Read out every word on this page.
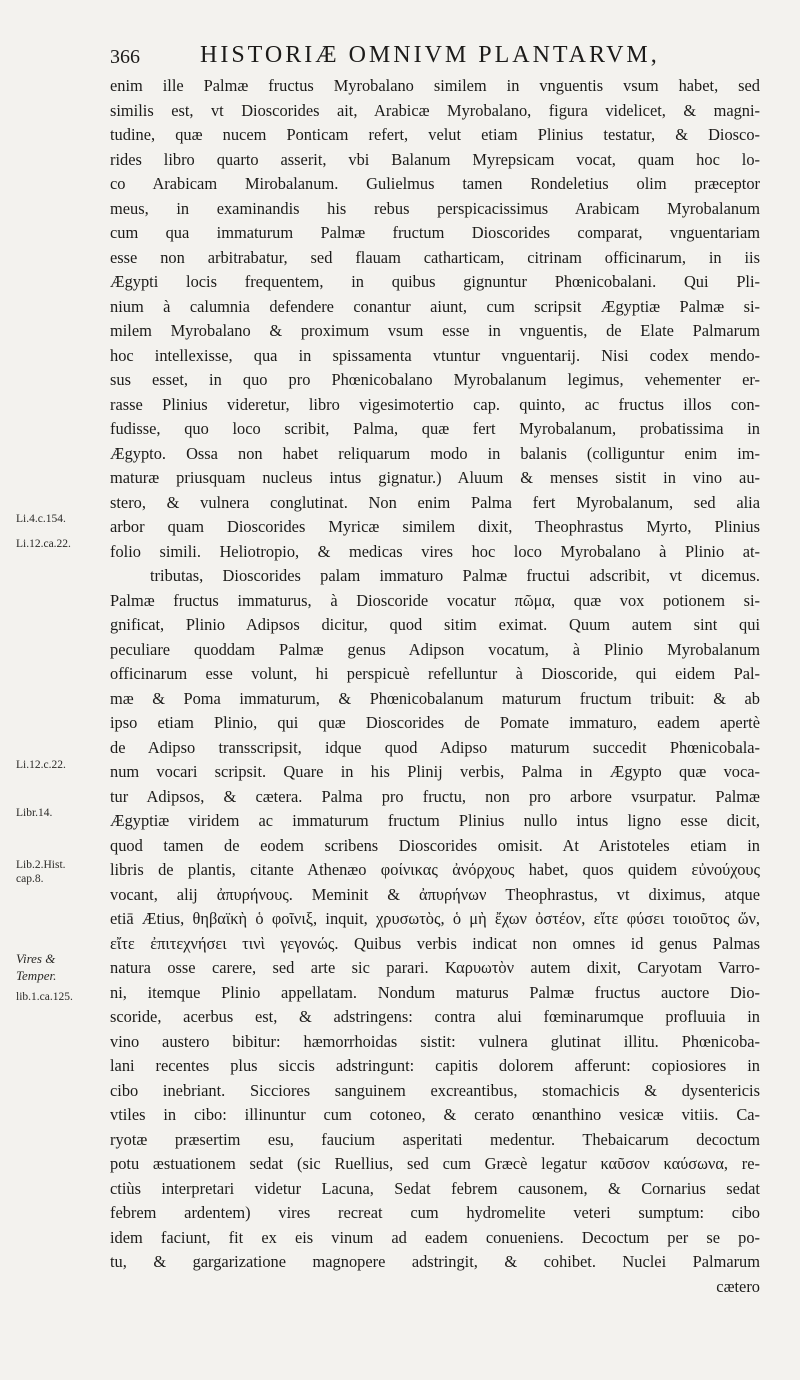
366	HISTORIÆ OMNIVM PLANTARVM,
Li.4.c.154.
Li.12.ca.22.
Li.12.c.22.
Libr.14.
Lib.2.Hist.
cap.8.
Vires &
Temper.
lib.1.ca.125.
enim ille Palmæ fructus Myrobalano similem in vnguentis vsum habet, sed
similis est, vt Dioscorides ait, Arabicæ Myrobalano, figura videlicet, & magni-
tudine, quæ nucem Ponticam refert, velut etiam Plinius testatur, & Diosco-
rides libro quarto asserit, vbi Balanum Myrepsicam vocat, quam hoc lo-
co Arabicam Mirobalanum. Gulielmus tamen Rondeletius olim præceptor
meus, in examinandis his rebus perspicacissimus Arabicam Myrobalanum
cum qua immaturum Palmæ fructum Dioscorides comparat, vnguentariam
esse non arbitrabatur, sed flauam catharticam, citrinam officinarum, in iis
Ægypti locis frequentem, in quibus gignuntur Phœnicobalani. Qui Pli-
nium à calumnia defendere conantur aiunt, cum scripsit Ægyptiæ Palmæ si-
milem Myrobalano & proximum vsum esse in vnguentis, de Elate Palmarum
hoc intellexisse, qua in spissamenta vtuntur vnguentarij. Nisi codex mendo-
sus esset, in quo pro Phœnicobalano Myrobalanum legimus, vehementer er-
rasse Plinius videretur, libro vigesimotertio cap. quinto, ac fructus illos con-
fudisse, quo loco scribit, Palma, quæ fert Myrobalanum, probatissima in
Ægypto. Ossa non habet reliquarum modo in balanis (colliguntur enim im-
maturæ priusquam nucleus intus gignatur.) Aluum & menses sistit in vino au-
stero, & vulnera conglutinat. Non enim Palma fert Myrobalanum, sed alia
arbor quam Dioscorides Myricæ similem dixit, Theophrastus Myrto, Plinius
folio simili. Heliotropio, & medicas vires hoc loco Myrobalano à Plinio at-
tributas, Dioscorides palam immaturo Palmæ fructui adscribit, vt dicemus.
Palmæ fructus immaturus, à Dioscoride vocatur πῶμα, quæ vox potionem si-
gnificat, Plinio Adipsos dicitur, quod sitim eximat. Quum autem sint qui
peculiare quoddam Palmæ genus Adipson vocatum, à Plinio Myrobalanum
officinarum esse volunt, hi perspicuè refelluntur à Dioscoride, qui eidem Pal-
mæ & Poma immaturum, & Phœnicobalanum maturum fructum tribuit: & ab
ipso etiam Plinio, qui quæ Dioscorides de Pomate immaturo, eadem apertè
de Adipso transscripsit, idque quod Adipso maturum succedit Phœnicobala-
num vocari scripsit. Quare in his Plinij verbis, Palma in Ægypto quæ voca-
tur Adipsos, & cætera. Palma pro fructu, non pro arbore vsurpatur. Palmæ
Ægyptiæ viridem ac immaturum fructum Plinius nullo intus ligno esse dicit,
quod tamen de eodem scribens Dioscorides omisit. At Aristoteles etiam in
libris de plantis, citante Athenæo φοίνικας ἀνόρχους habet, quos quidem εὐνούχους
vocant, alij ἀπυρήνους. Meminit & ἀπυρήνων Theophrastus, vt diximus, atque
etiā Ætius, θηβαϊκὴ ὁ φοῖνιξ, inquit, χρυσωτὸς, ὁ μὴ ἔχων ὀστέον, εἴτε φύσει τοιοῦτος ὤν,
εἴτε ἐπιτεχνήσει τινὶ γεγονώς. Quibus verbis indicat non omnes id genus Palmas
natura osse carere, sed arte sic parari. Καρυωτὸν autem dixit, Caryotam Varro-
ni, itemque Plinio appellatam. Nondum maturus Palmæ fructus auctore Dio-
scoride, acerbus est, & adstringens: contra alui fœminarumque profluuia in
vino austero bibitur: hæmorrhoidas sistit: vulnera glutinat illitu. Phœnicoba-
lani recentes plus siccis adstringunt: capitis dolorem afferunt: copiosiores in
cibo inebriant. Sicciores sanguinem excreantibus, stomachicis & dysentericis
vtiles in cibo: illinuntur cum cotoneo, & cerato œnanthino vesicæ vitiis. Ca-
ryotæ præsertim esu, faucium asperitati medentur. Thebaicarum decoctum
potu æstuationem sedat (sic Ruellius, sed cum Græcè legatur καῦσον καύσωνα, re-
ctiùs interpretari videtur Lacuna, Sedat febrem causonem, & Cornarius sedat
febrem ardentem) vires recreat cum hydromelite veteri sumptum: cibo
idem faciunt, fit ex eis vinum ad eadem conueniens. Decoctum per se po-
tu, & gargarizatione magnopere adstringit, & cohibet. Nuclei Palmarum
cætero
